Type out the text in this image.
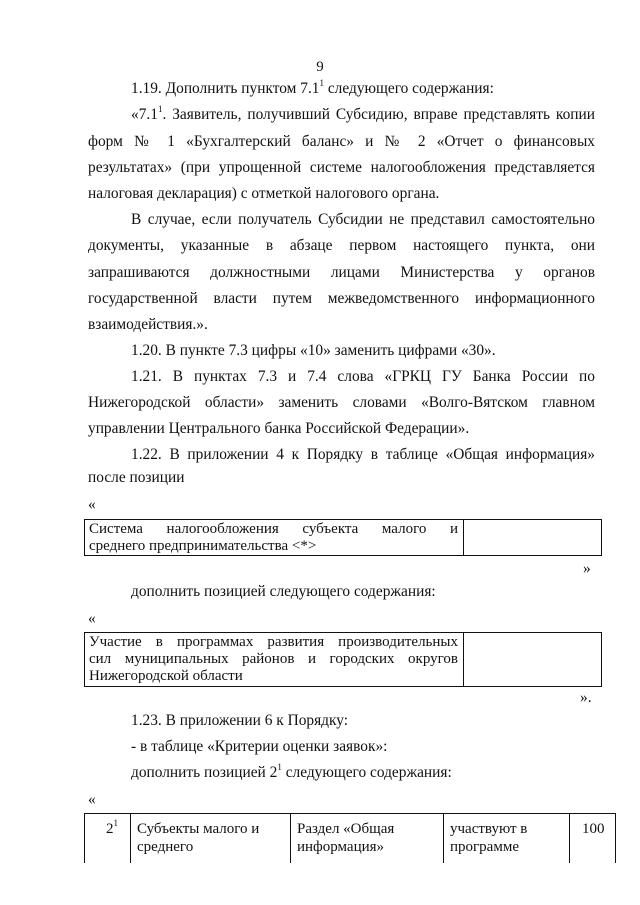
9
1.19. Дополнить пунктом $7.1^1$ следующего содержания:
«$7.1^1$. Заявитель, получивший Субсидию, вправе представлять копии
форм № 1 «Бухгалтерский баланс» и № 2 «Отчет о финансовых
результатах» (при упрощенной системе налогообложения представляется
налоговая декларация) с отметкой налогового органа.
В случае, если получатель Субсидии не представил самостоятельно
документы, указанные в абзаце первом настоящего пункта, они
запрашиваются должностными лицами Министерства у органов
государственной власти путем межведомственного информационного
взаимодействия.».
1.20. В пункте 7.3 цифры «10» заменить цифрами «30».
1.21. В пунктах 7.3 и 7.4 слова «ГРКЦ ГУ Банка России по
Нижегородской области» заменить словами «Волго-Вятском главном
управлении Центрального банка Российской Федерации».
1.22. В приложении 4 к Порядку в таблице «Общая информация»
после позиции
«
Система налогообложения субъекта малого и
среднего предпринимательства <*>
»
дополнить позицией следующего содержания:
«
Участие в программах развития производительных
сил муниципальных районов и городских округов
Нижегородской области
».
1.23. В приложении 6 к Порядку:
- в таблице «Критерии оценки заявок»:
дополнить позицией $2^1$ следующего содержания:
«
$2^1$ Субъекты малого и
среднего
Раздел «Общая
информация»
участвуют в
программе
100
